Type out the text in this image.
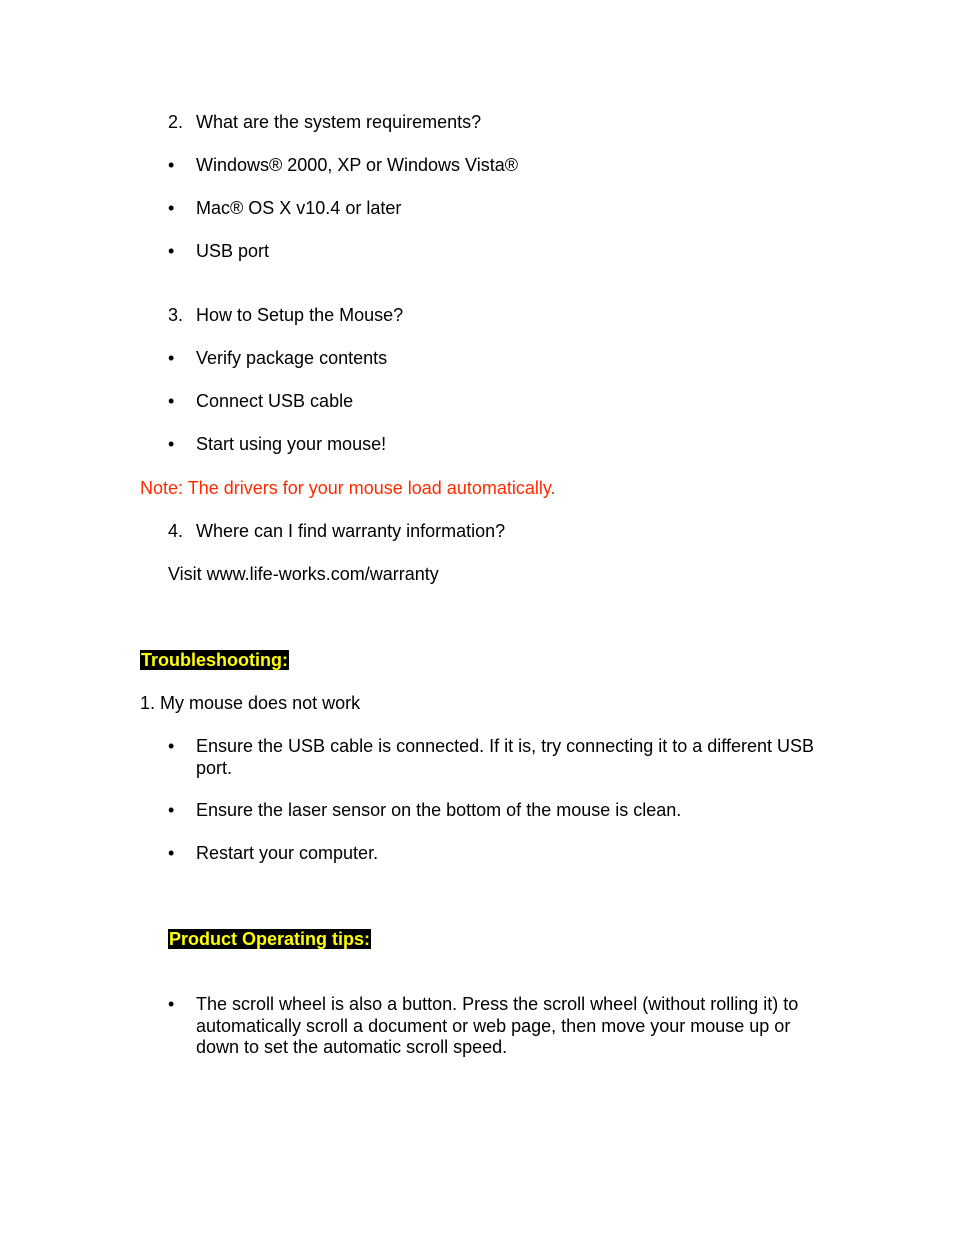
2. What are the system requirements?
•	Windows® 2000, XP or Windows Vista®
•	Mac® OS X v10.4 or later
•	USB port
3. How to Setup the Mouse?
•	Verify package contents
•	Connect USB cable
•	Start using your mouse!
Note: The drivers for your mouse load automatically.
4. Where can I find warranty information?
Visit www.life-works.com/warranty
Troubleshooting:
1. My mouse does not work
•	Ensure the USB cable is connected. If it is, try connecting it to a different USB port.
•	Ensure the laser sensor on the bottom of the mouse is clean.
•	Restart your computer.
Product Operating tips:
•	The scroll wheel is also a button. Press the scroll wheel (without rolling it) to automatically scroll a document or web page, then move your mouse up or down to set the automatic scroll speed.
